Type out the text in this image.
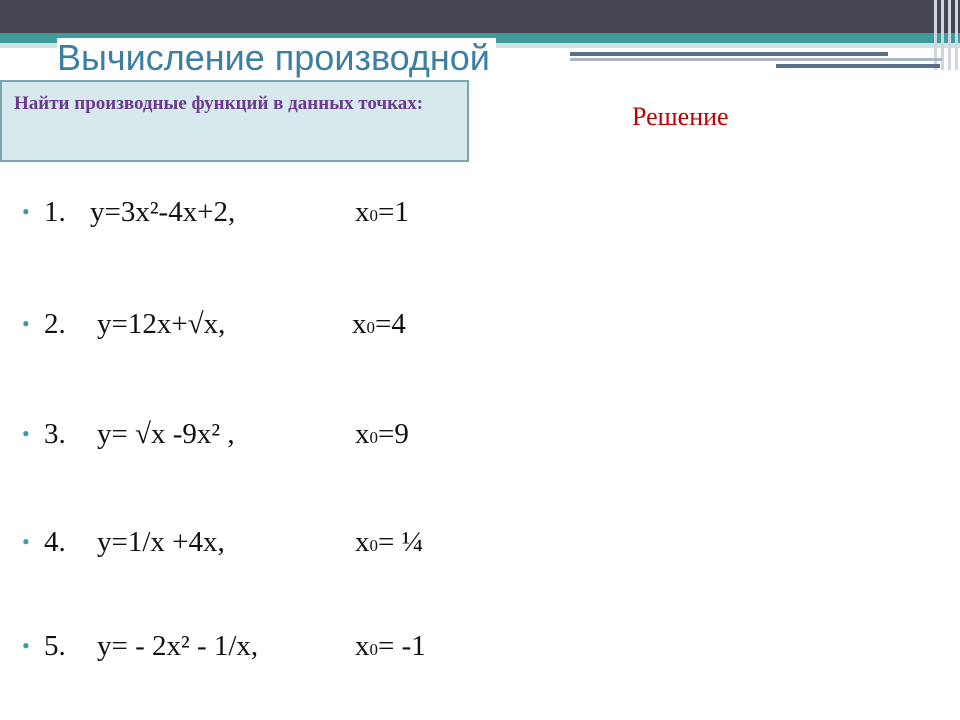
Вычисление производной
Найти производные функций в данных точках:	Решение
• 1. y=3x²-4x+2,	x0=1
• 2. y=12x+√x,	x0=4
• 3. y= √x -9x² ,	x0=9
• 4. y=1/x +4x,	x0= ¼
• 5. y= - 2x² - 1/x,	x0= -1
